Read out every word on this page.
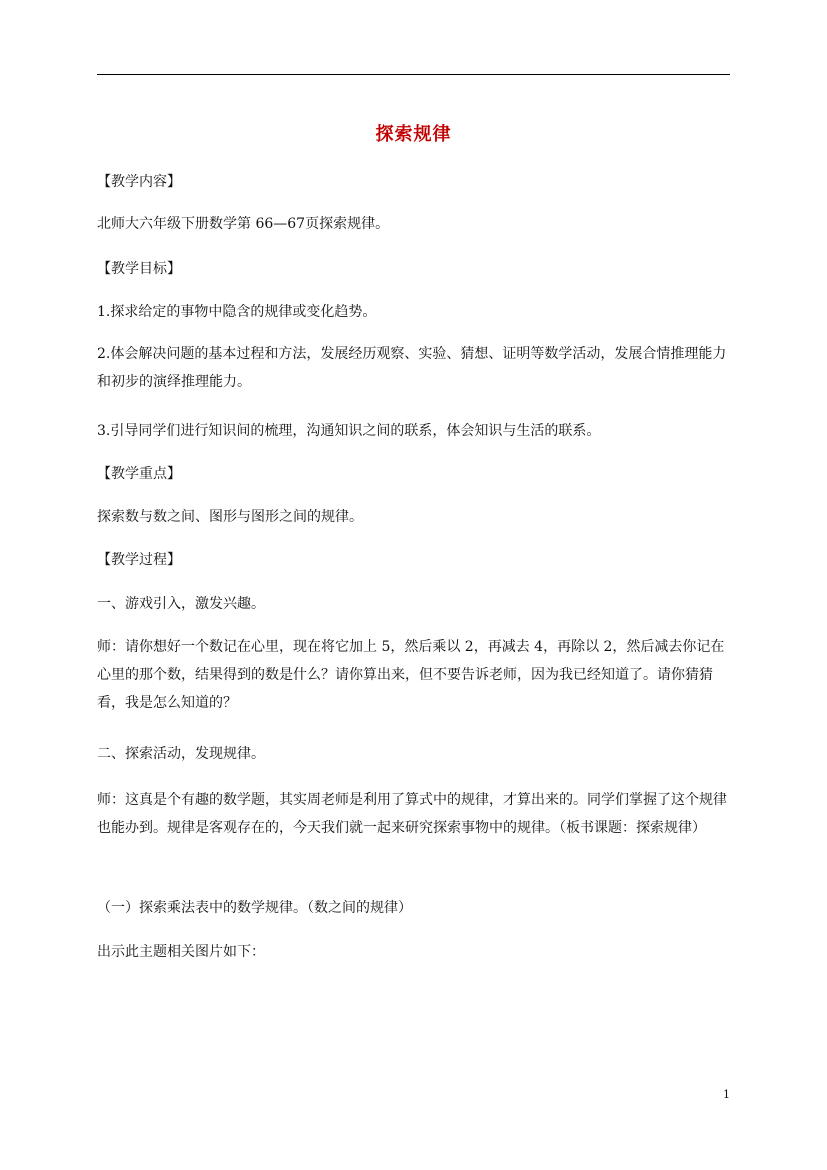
探索规律
【教学内容】
北师大六年级下册数学第 66—67页探索规律。
【教学目标】
1.探求给定的事物中隐含的规律或变化趋势。
2.体会解决问题的基本过程和方法，发展经历观察、实验、猜想、证明等数学活动，发展合情推理能力和初步的演绎推理能力。
3.引导同学们进行知识间的梳理，沟通知识之间的联系，体会知识与生活的联系。
【教学重点】
探索数与数之间、图形与图形之间的规律。
【教学过程】
一、游戏引入，激发兴趣。
师：请你想好一个数记在心里，现在将它加上 5，然后乘以 2，再减去 4，再除以 2，然后减去你记在心里的那个数，结果得到的数是什么？请你算出来，但不要告诉老师，因为我已经知道了。请你猜猜看，我是怎么知道的？
二、探索活动，发现规律。
师：这真是个有趣的数学题，其实周老师是利用了算式中的规律，才算出来的。同学们掌握了这个规律也能办到。规律是客观存在的，今天我们就一起来研究探索事物中的规律。（板书课题：探索规律）
（一）探索乘法表中的数学规律。（数之间的规律）
出示此主题相关图片如下：
1
